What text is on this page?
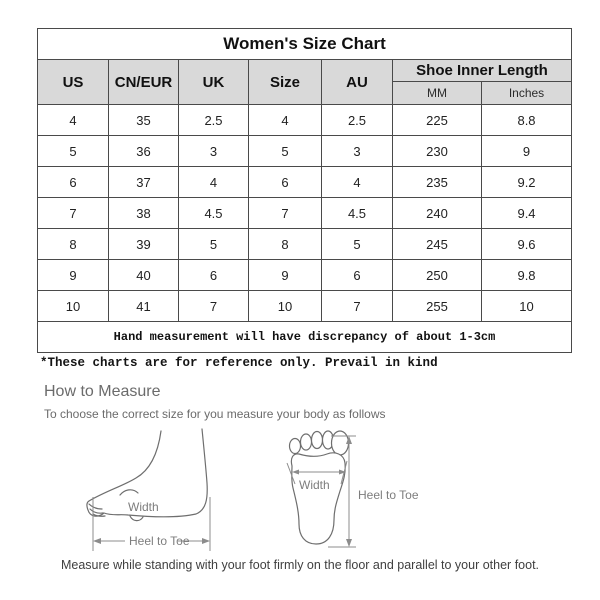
Women's Size Chart						
US	CN/EUR	UK	Size	AU	Shoe Inner Length	
					MM	Inches
4	35	2.5	4	2.5	225	8.8
5	36	3	5	3	230	9
6	37	4	6	4	235	9.2
7	38	4.5	7	4.5	240	9.4
8	39	5	8	5	245	9.6
9	40	6	9	6	250	9.8
10	41	7	10	7	255	10
Hand measurement will have discrepancy of about 1-3cm						
*These charts are for reference only. Prevail in kind
How to Measure
To choose the correct size for you measure your body as follows
Width
Heel to Toe
Width
Heel to Toe
Measure while standing with your foot firmly on the floor and parallel to your other foot.
